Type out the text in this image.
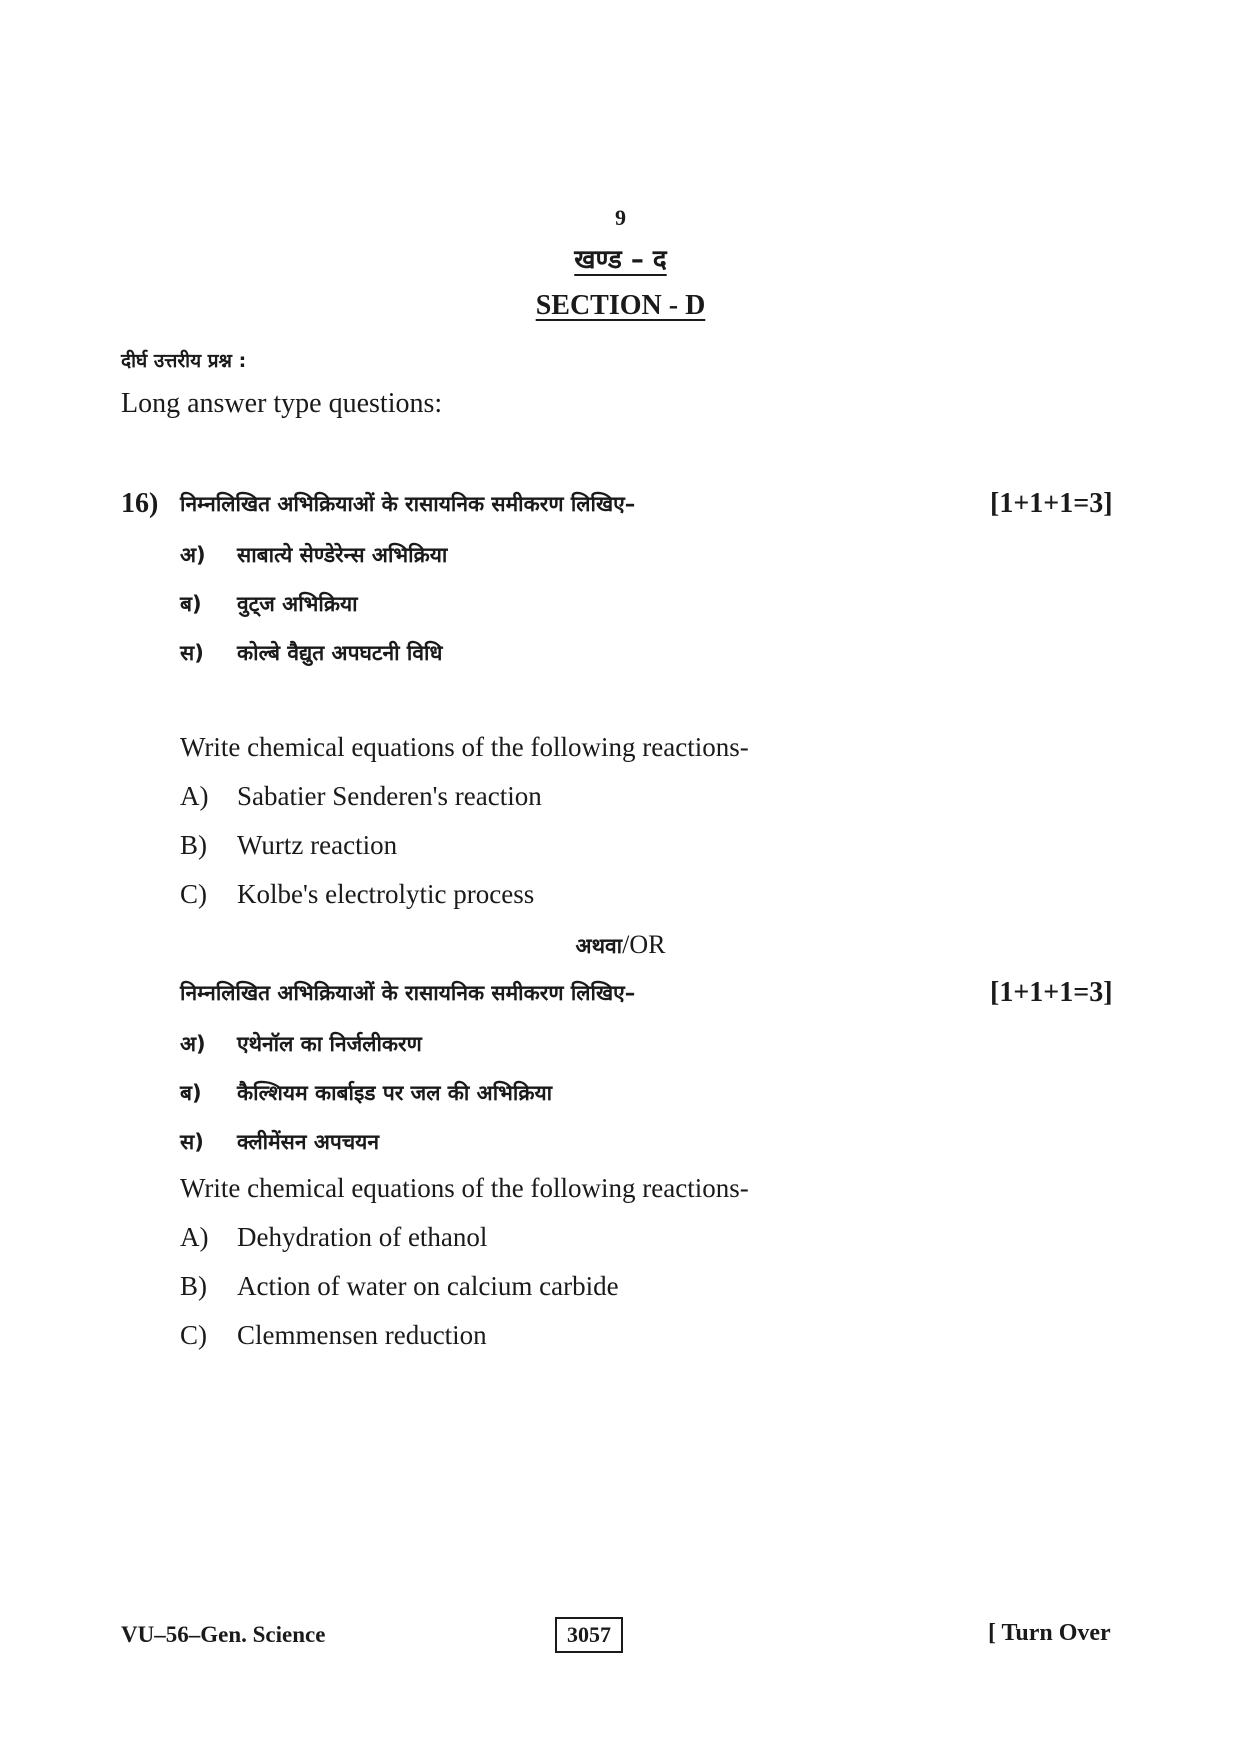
9
खण्ड – द
SECTION - D
दीर्घ उत्तरीय प्रश्न :
Long answer type questions:
16) निम्नलिखित अभिक्रियाओं के रासायनिक समीकरण लिखिए–	[1+1+1=3]
अ) साबात्ये सेण्डेरेन्स अभिक्रिया
ब) वुट्ज अभिक्रिया
स) कोल्बे वैद्युत अपघटनी विधि
Write chemical equations of the following reactions-
A) Sabatier Senderen's reaction
B) Wurtz reaction
C) Kolbe's electrolytic process
अथवा/OR
निम्नलिखित अभिक्रियाओं के रासायनिक समीकरण लिखिए–	[1+1+1=3]
अ) एथेनॉल का निर्जलीकरण
ब) कैल्शियम कार्बाइड पर जल की अभिक्रिया
स) क्लीमेंसन अपचयन
Write chemical equations of the following reactions-
A) Dehydration of ethanol
B) Action of water on calcium carbide
C) Clemmensen reduction
VU–56–Gen. Science	3057	[ Turn Over
